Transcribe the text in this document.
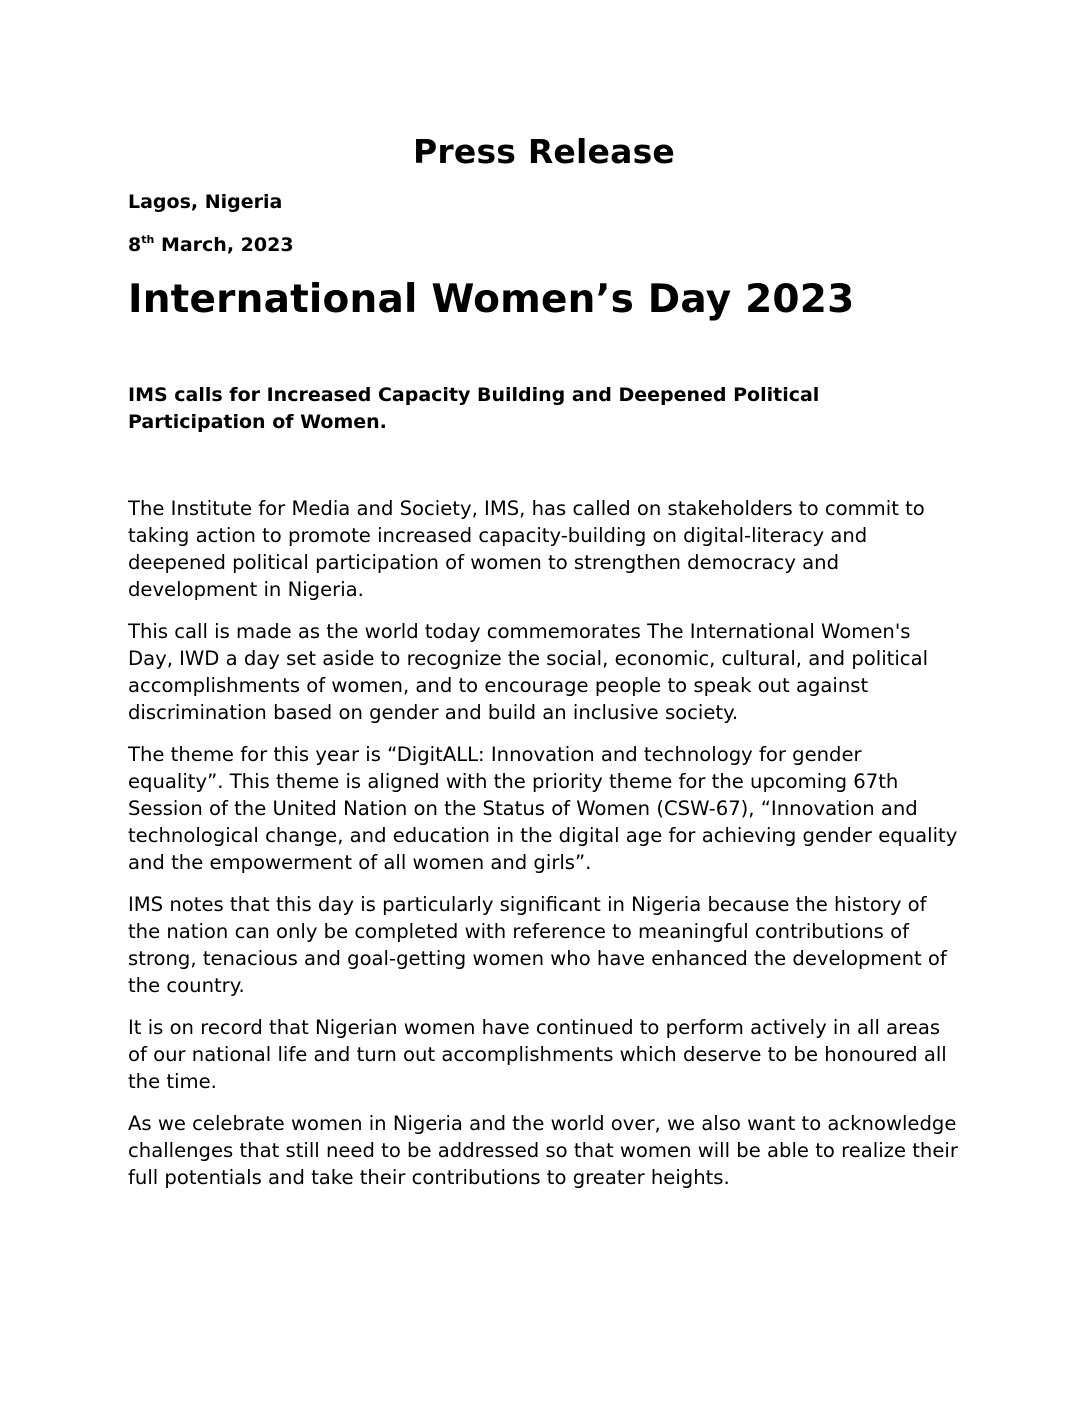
Press Release

Lagos, Nigeria

8th March, 2023

International Women’s Day 2023

IMS calls for Increased Capacity Building and Deepened Political Participation of Women.

The Institute for Media and Society, IMS, has called on stakeholders to commit to taking action to promote increased capacity-building on digital-literacy and deepened political participation of women to strengthen democracy and development in Nigeria.

This call is made as the world today commemorates The International Women's Day, IWD a day set aside to recognize the social, economic, cultural, and political accomplishments of women, and to encourage people to speak out against discrimination based on gender and build an inclusive society.

The theme for this year is “DigitALL: Innovation and technology for gender equality”. This theme is aligned with the priority theme for the upcoming 67th Session of the United Nation on the Status of Women (CSW-67), “Innovation and technological change, and education in the digital age for achieving gender equality and the empowerment of all women and girls”.

IMS notes that this day is particularly significant in Nigeria because the history of the nation can only be completed with reference to meaningful contributions of strong, tenacious and goal-getting women who have enhanced the development of the country.

It is on record that Nigerian women have continued to perform actively in all areas of our national life and turn out accomplishments which deserve to be honoured all the time.

As we celebrate women in Nigeria and the world over, we also want to acknowledge challenges that still need to be addressed so that women will be able to realize their full potentials and take their contributions to greater heights.
